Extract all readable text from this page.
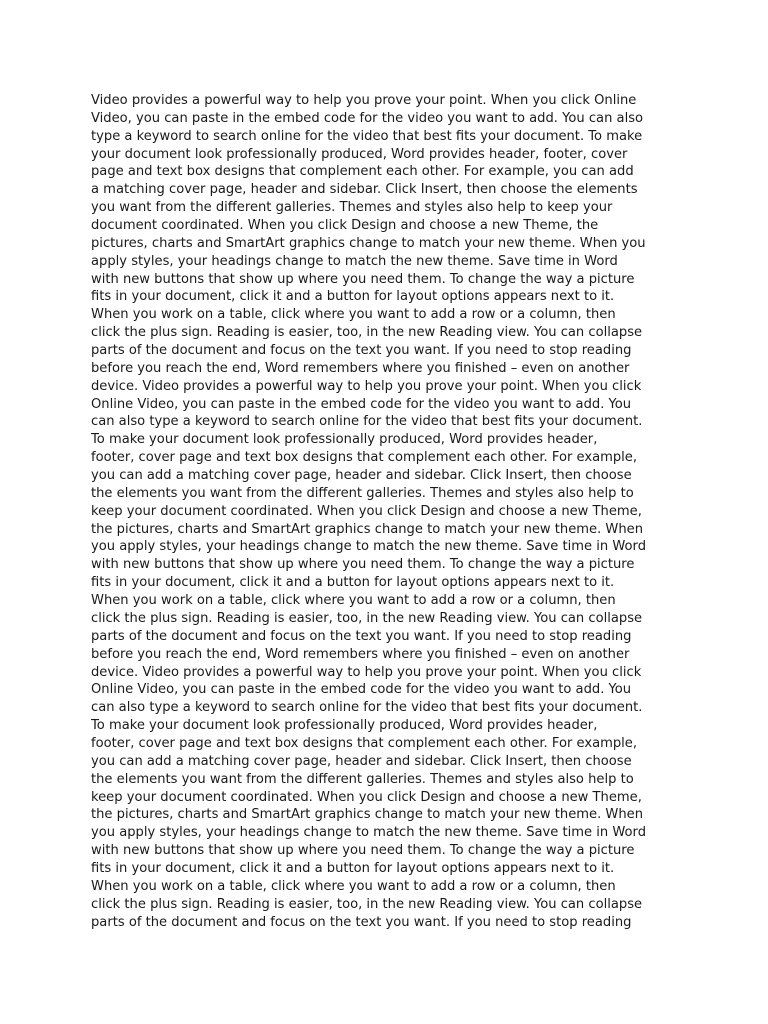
Video provides a powerful way to help you prove your point. When you click Online
Video, you can paste in the embed code for the video you want to add. You can also
type a keyword to search online for the video that best fits your document. To make
your document look professionally produced, Word provides header, footer, cover
page and text box designs that complement each other. For example, you can add
a matching cover page, header and sidebar. Click Insert, then choose the elements
you want from the different galleries. Themes and styles also help to keep your
document coordinated. When you click Design and choose a new Theme, the
pictures, charts and SmartArt graphics change to match your new theme. When you
apply styles, your headings change to match the new theme. Save time in Word
with new buttons that show up where you need them. To change the way a picture
fits in your document, click it and a button for layout options appears next to it.
When you work on a table, click where you want to add a row or a column, then
click the plus sign. Reading is easier, too, in the new Reading view. You can collapse
parts of the document and focus on the text you want. If you need to stop reading
before you reach the end, Word remembers where you finished – even on another
device. Video provides a powerful way to help you prove your point. When you click
Online Video, you can paste in the embed code for the video you want to add. You
can also type a keyword to search online for the video that best fits your document.
To make your document look professionally produced, Word provides header,
footer, cover page and text box designs that complement each other. For example,
you can add a matching cover page, header and sidebar. Click Insert, then choose
the elements you want from the different galleries. Themes and styles also help to
keep your document coordinated. When you click Design and choose a new Theme,
the pictures, charts and SmartArt graphics change to match your new theme. When
you apply styles, your headings change to match the new theme. Save time in Word
with new buttons that show up where you need them. To change the way a picture
fits in your document, click it and a button for layout options appears next to it.
When you work on a table, click where you want to add a row or a column, then
click the plus sign. Reading is easier, too, in the new Reading view. You can collapse
parts of the document and focus on the text you want. If you need to stop reading
before you reach the end, Word remembers where you finished – even on another
device. Video provides a powerful way to help you prove your point. When you click
Online Video, you can paste in the embed code for the video you want to add. You
can also type a keyword to search online for the video that best fits your document.
To make your document look professionally produced, Word provides header,
footer, cover page and text box designs that complement each other. For example,
you can add a matching cover page, header and sidebar. Click Insert, then choose
the elements you want from the different galleries. Themes and styles also help to
keep your document coordinated. When you click Design and choose a new Theme,
the pictures, charts and SmartArt graphics change to match your new theme. When
you apply styles, your headings change to match the new theme. Save time in Word
with new buttons that show up where you need them. To change the way a picture
fits in your document, click it and a button for layout options appears next to it.
When you work on a table, click where you want to add a row or a column, then
click the plus sign. Reading is easier, too, in the new Reading view. You can collapse
parts of the document and focus on the text you want. If you need to stop reading
